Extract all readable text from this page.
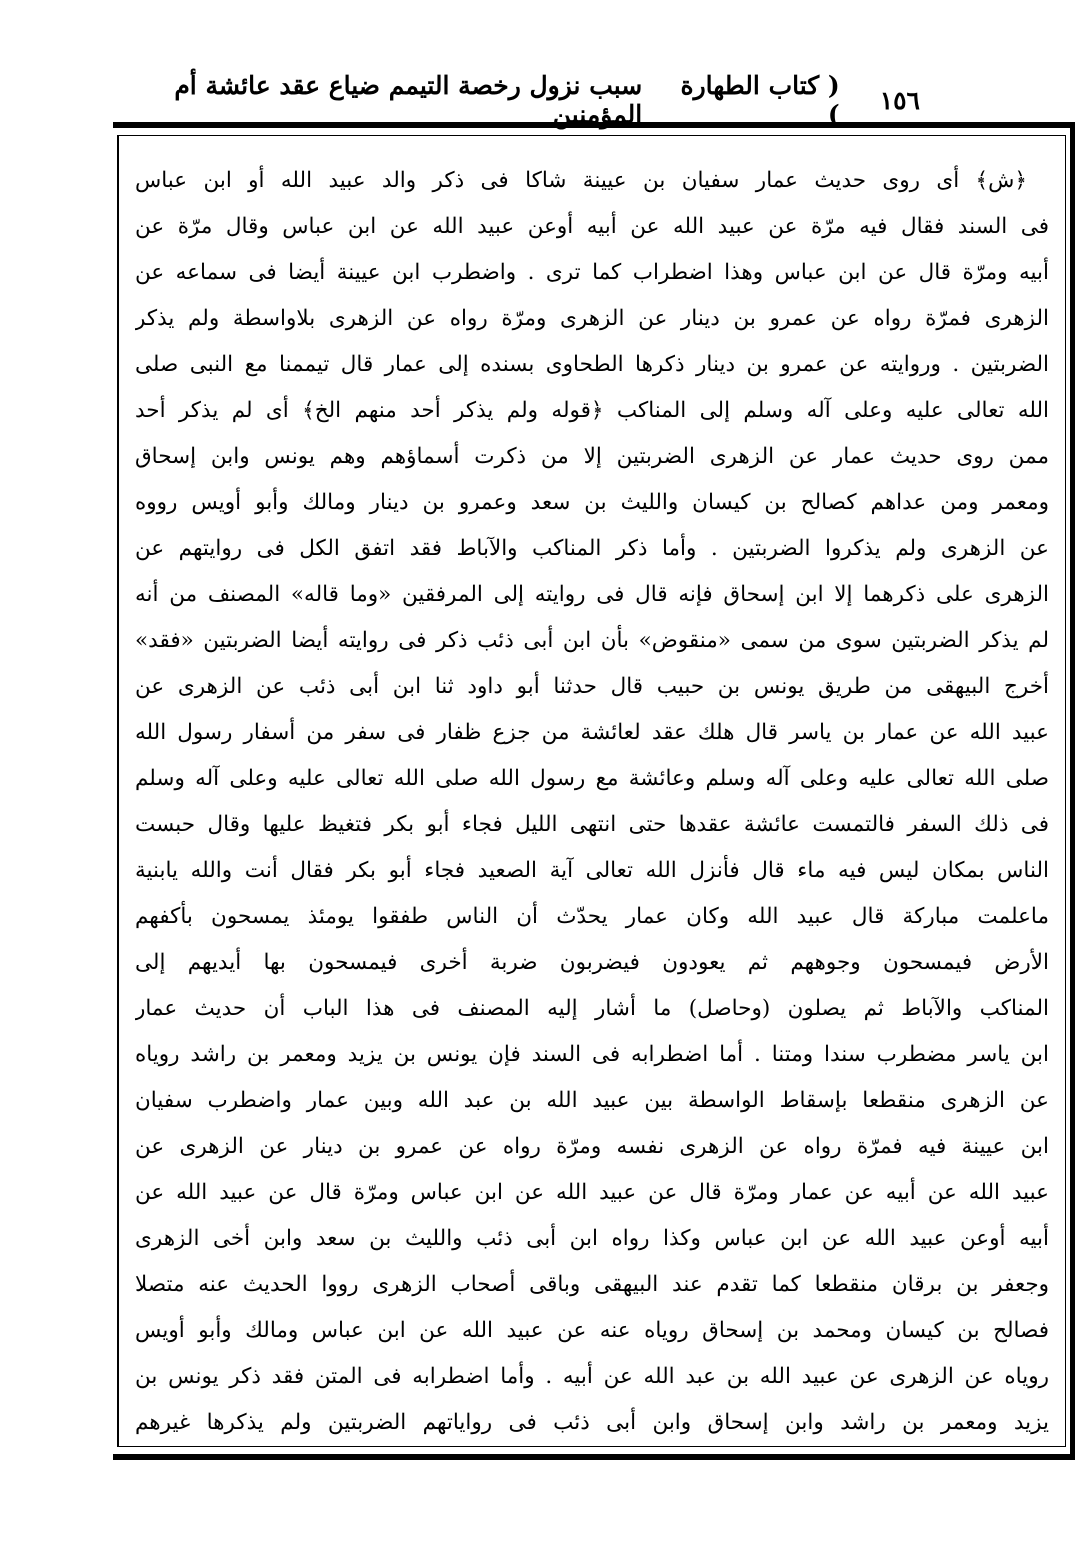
١٥٦
( كتاب الطهارة )
سبب نزول رخصة التيمم ضياع عقد عائشة أم المؤمنين
﴿ش﴾ أى روى حديث عمار سفيان بن عيينة شاكا فى ذكر والد عبيد الله أو ابن عباس
فى السند فقال فيه مرّة عن عبيد الله عن أبيه أوعن عبيد الله عن ابن عباس وقال مرّة عن
أبيه ومرّة قال عن ابن عباس وهذا اضطراب كما ترى . واضطرب ابن عيينة أيضا فى سماعه عن
الزهرى فمرّة رواه عن عمرو بن دينار عن الزهرى ومرّة رواه عن الزهرى بلاواسطة ولم يذكر
الضربتين . وروايته عن عمرو بن دينار ذكرها الطحاوى بسنده إلى عمار قال تيممنا مع النبى صلى
الله تعالى عليه وعلى آله وسلم إلى المناكب ﴿قوله ولم يذكر أحد منهم الخ﴾ أى لم يذكر أحد
ممن روى حديث عمار عن الزهرى الضربتين إلا من ذكرت أسماؤهم وهم يونس وابن إسحاق
ومعمر ومن عداهم كصالح بن كيسان والليث بن سعد وعمرو بن دينار ومالك وأبو أويس رووه
عن الزهرى ولم يذكروا الضربتين . وأما ذكر المناكب والآباط فقد اتفق الكل فى روايتهم عن
الزهرى على ذكرهما إلا ابن إسحاق فإنه قال فى روايته إلى المرفقين «وما قاله» المصنف من أنه
لم يذكر الضربتين سوى من سمى «منقوض» بأن ابن أبى ذئب ذكر فى روايته أيضا الضربتين «فقد»
أخرج البيهقى من طريق يونس بن حبيب قال حدثنا أبو داود ثنا ابن أبى ذئب عن الزهرى عن
عبيد الله عن عمار بن ياسر قال هلك عقد لعائشة من جزع ظفار فى سفر من أسفار رسول الله
صلى الله تعالى عليه وعلى آله وسلم وعائشة مع رسول الله صلى الله تعالى عليه وعلى آله وسلم
فى ذلك السفر فالتمست عائشة عقدها حتى انتهى الليل فجاء أبو بكر فتغيظ عليها وقال حبست
الناس بمكان ليس فيه ماء قال فأنزل الله تعالى آية الصعيد فجاء أبو بكر فقال أنت والله يابنية
ماعلمت مباركة قال عبيد الله وكان عمار يحدّث أن الناس طفقوا يومئذ يمسحون بأكفهم
الأرض فيمسحون وجوههم ثم يعودون فيضربون ضربة أخرى فيمسحون بها أيديهم إلى
المناكب والآباط ثم يصلون (وحاصل) ما أشار إليه المصنف فى هذا الباب أن حديث عمار
ابن ياسر مضطرب سندا ومتنا . أما اضطرابه فى السند فإن يونس بن يزيد ومعمر بن راشد روياه
عن الزهرى منقطعا بإسقاط الواسطة بين عبيد الله بن عبد الله وبين عمار واضطرب سفيان
ابن عيينة فيه فمرّة رواه عن الزهرى نفسه ومرّة رواه عن عمرو بن دينار عن الزهرى عن
عبيد الله عن أبيه عن عمار ومرّة قال عن عبيد الله عن ابن عباس ومرّة قال عن عبيد الله عن
أبيه أوعن عبيد الله عن ابن عباس وكذا رواه ابن أبى ذئب والليث بن سعد وابن أخى الزهرى
وجعفر بن برقان منقطعا كما تقدم عند البيهقى وباقى أصحاب الزهرى رووا الحديث عنه متصلا
فصالح بن كيسان ومحمد بن إسحاق روياه عنه عن عبيد الله عن ابن عباس ومالك وأبو أويس
روياه عن الزهرى عن عبيد الله بن عبد الله عن أبيه . وأما اضطرابه فى المتن فقد ذكر يونس بن
يزيد ومعمر بن راشد وابن إسحاق وابن أبى ذئب فى رواياتهم الضربتين ولم يذكرها غيرهم
